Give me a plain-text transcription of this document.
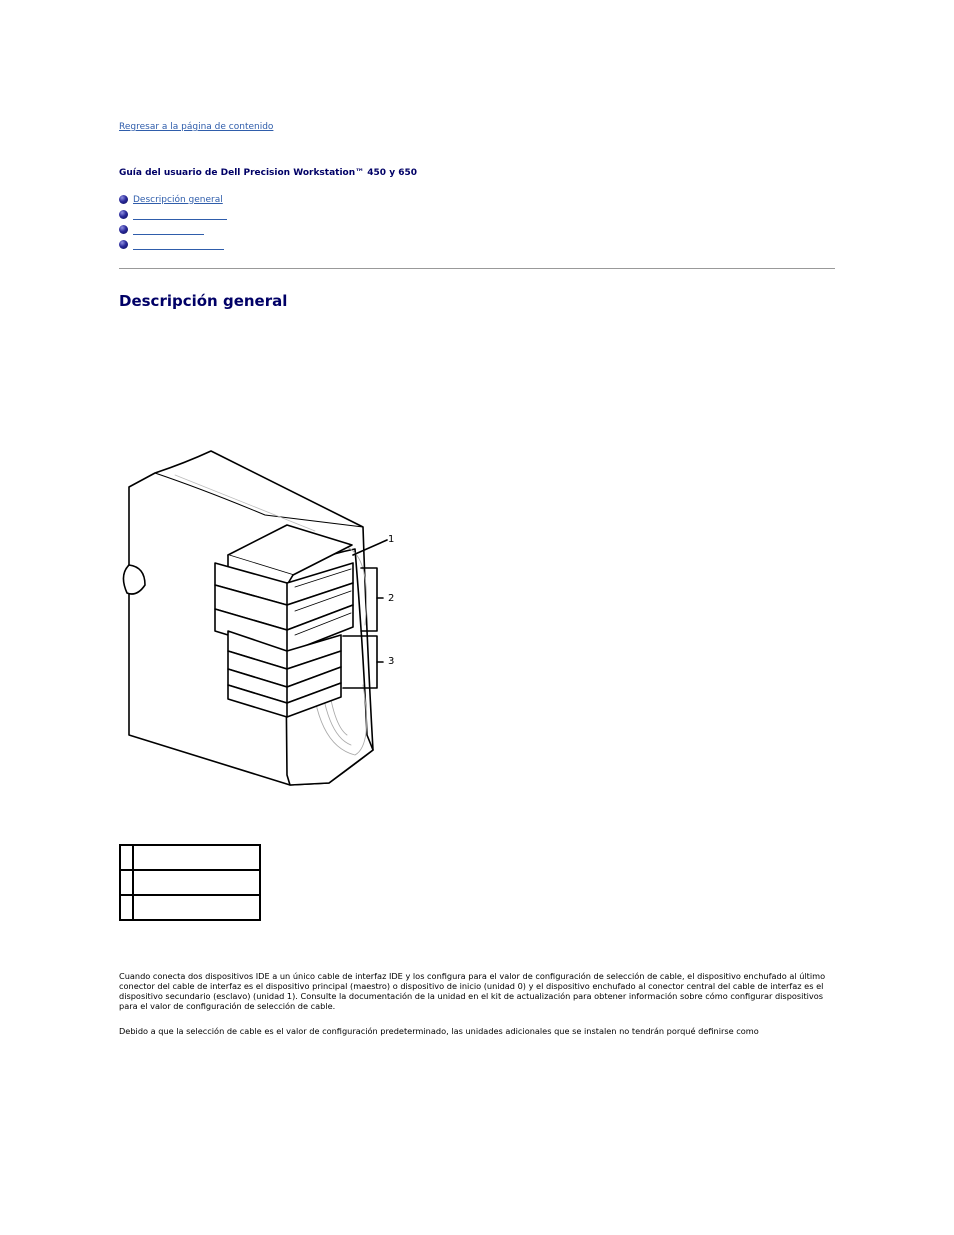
Regresar a la página de contenido
Guía del usuario de Dell Precision Workstation™ 450 y 650
Descripción general
Descripción general
1
2
3

Cuando conecta dos dispositivos IDE a un único cable de interfaz IDE y los configura para el valor de configuración de selección de cable, el dispositivo enchufado al último conector del cable de interfaz es el dispositivo principal (maestro) o dispositivo de inicio (unidad 0) y el dispositivo enchufado al conector central del cable de interfaz es el dispositivo secundario (esclavo) (unidad 1). Consulte la documentación de la unidad en el kit de actualización para obtener información sobre cómo configurar dispositivos para el valor de configuración de selección de cable.

Debido a que la selección de cable es el valor de configuración predeterminado, las unidades adicionales que se instalen no tendrán porqué definirse como
